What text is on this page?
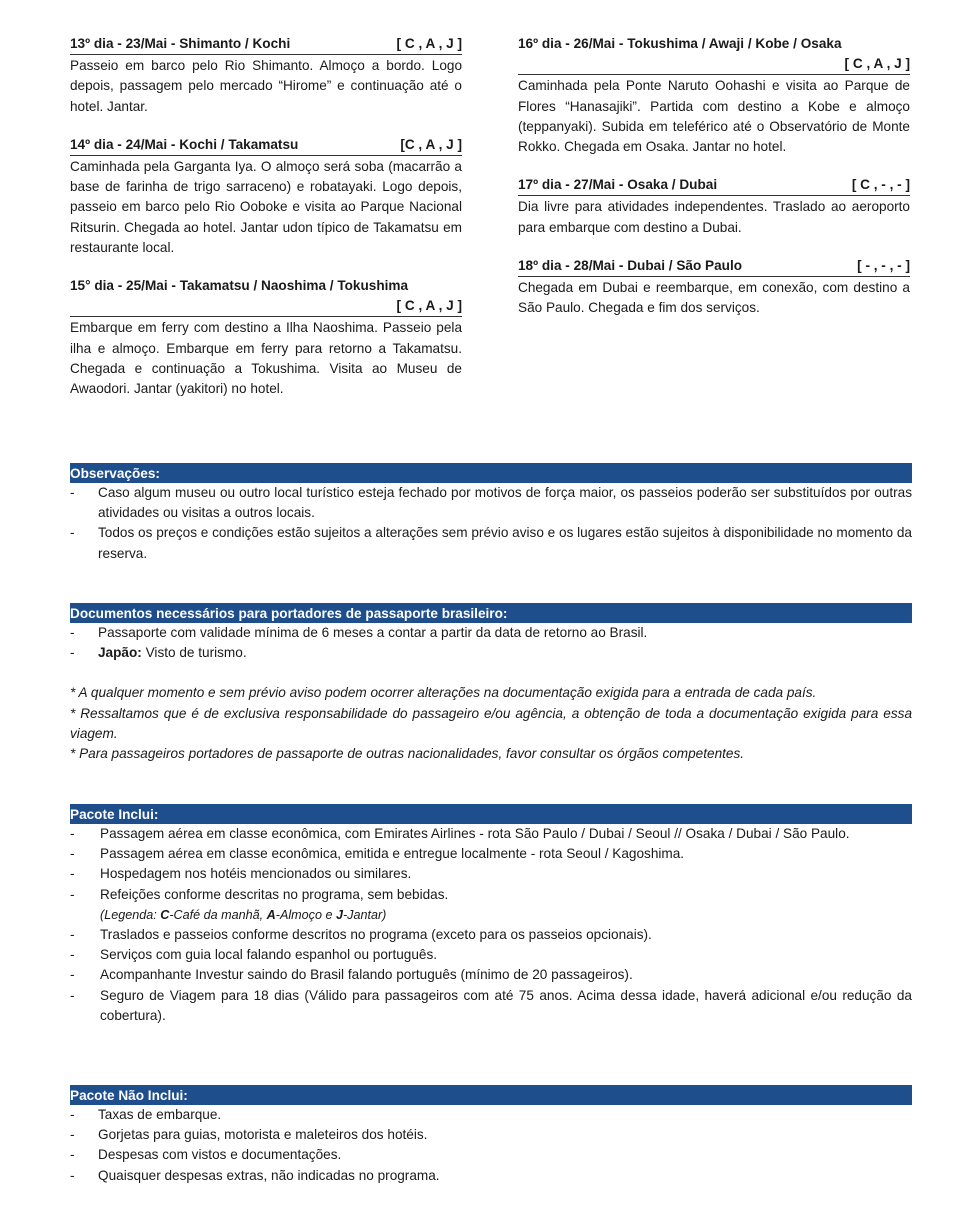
13º dia - 23/Mai - Shimanto / Kochi	[ C , A , J ]
Passeio em barco pelo Rio Shimanto. Almoço a bordo. Logo depois, passagem pelo mercado “Hirome” e continuação até o hotel. Jantar.
14º dia - 24/Mai - Kochi / Takamatsu	[C , A , J ]
Caminhada pela Garganta Iya. O almoço será soba (macarrão a base de farinha de trigo sarraceno) e robatayaki. Logo depois, passeio em barco pelo Rio Ooboke e visita ao Parque Nacional Ritsurin. Chegada ao hotel. Jantar udon típico de Takamatsu em restaurante local.
15° dia - 25/Mai - Takamatsu / Naoshima / Tokushima
[ C , A , J ]
Embarque em ferry com destino a Ilha Naoshima. Passeio pela ilha e almoço. Embarque em ferry para retorno a Takamatsu. Chegada e continuação a Tokushima. Visita ao Museu de Awaodori. Jantar (yakitori) no hotel.
16º dia - 26/Mai - Tokushima / Awaji / Kobe / Osaka
[ C , A , J ]
Caminhada pela Ponte Naruto Oohashi e visita ao Parque de Flores “Hanasajiki”. Partida com destino a Kobe e almoço (teppanyaki). Subida em teleférico até o Observatório de Monte Rokko. Chegada em Osaka. Jantar no hotel.
17º dia - 27/Mai - Osaka / Dubai	[ C , - , - ]
Dia livre para atividades independentes. Traslado ao aeroporto para embarque com destino a Dubai.
18º dia - 28/Mai - Dubai / São Paulo	[ - , - , - ]
Chegada em Dubai e reembarque, em conexão, com destino a São Paulo. Chegada e fim dos serviços.
Observações:
- Caso algum museu ou outro local turístico esteja fechado por motivos de força maior, os passeios poderão ser substituídos por outras atividades ou visitas a outros locais.
- Todos os preços e condições estão sujeitos a alterações sem prévio aviso e os lugares estão sujeitos à disponibilidade no momento da reserva.
Documentos necessários para portadores de passaporte brasileiro:
- Passaporte com validade mínima de 6 meses a contar a partir da data de retorno ao Brasil.
- Japão: Visto de turismo.
* A qualquer momento e sem prévio aviso podem ocorrer alterações na documentação exigida para a entrada de cada país.
* Ressaltamos que é de exclusiva responsabilidade do passageiro e/ou agência, a obtenção de toda a documentação exigida para essa viagem.
* Para passageiros portadores de passaporte de outras nacionalidades, favor consultar os órgãos competentes.
Pacote Inclui:
- Passagem aérea em classe econômica, com Emirates Airlines - rota São Paulo / Dubai / Seoul // Osaka / Dubai / São Paulo.
- Passagem aérea em classe econômica, emitida e entregue localmente - rota Seoul / Kagoshima.
- Hospedagem nos hotéis mencionados ou similares.
- Refeições conforme descritas no programa, sem bebidas.
(Legenda: C-Café da manhã, A-Almoço e J-Jantar)
- Traslados e passeios conforme descritos no programa (exceto para os passeios opcionais).
- Serviços com guia local falando espanhol ou português.
- Acompanhante Investur saindo do Brasil falando português (mínimo de 20 passageiros).
- Seguro de Viagem para 18 dias (Válido para passageiros com até 75 anos. Acima dessa idade, haverá adicional e/ou redução da cobertura).
Pacote Não Inclui:
- Taxas de embarque.
- Gorjetas para guias, motorista e maleteiros dos hotéis.
- Despesas com vistos e documentações.
- Quaisquer despesas extras, não indicadas no programa.
